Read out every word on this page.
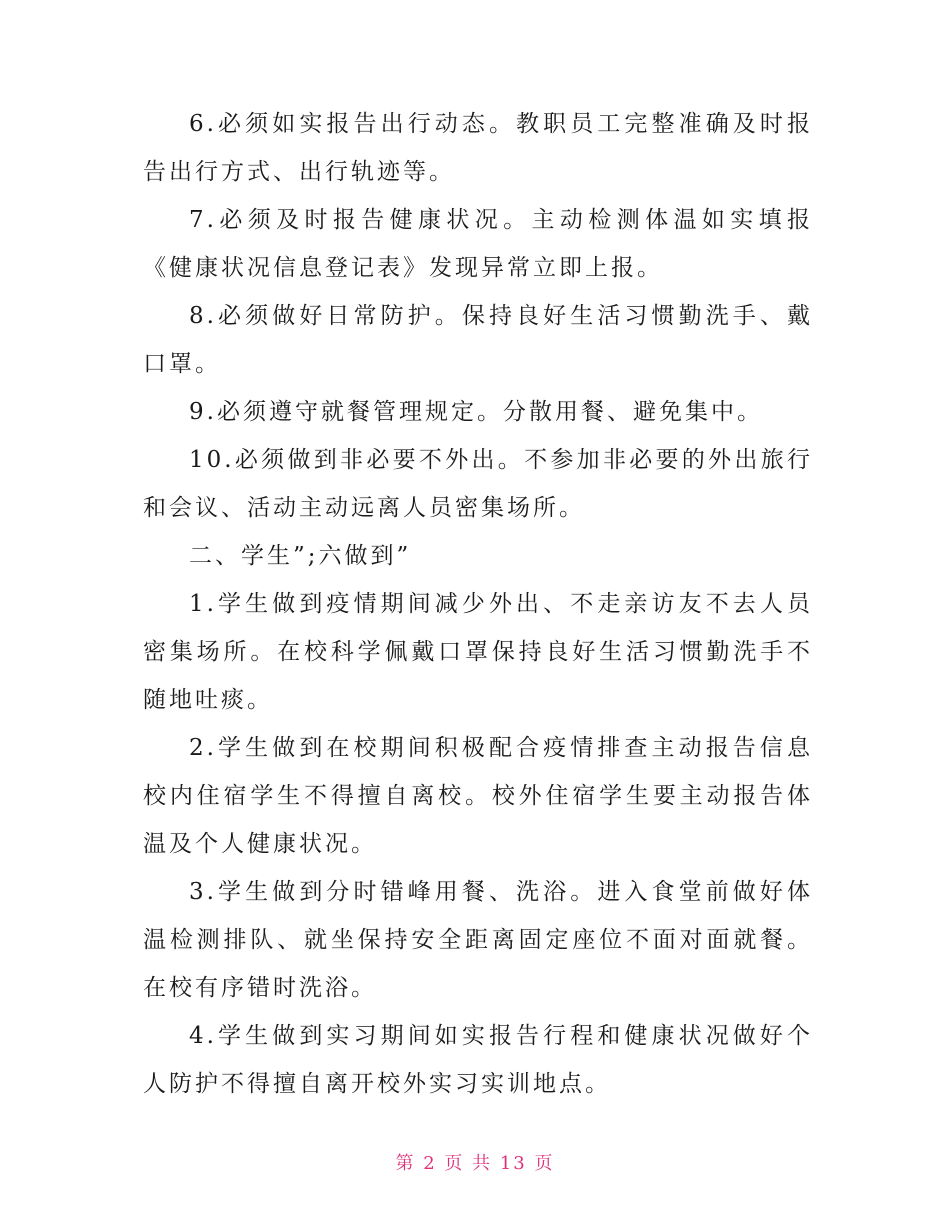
6.必须如实报告出行动态。教职员工完整准确及时报告出行方式、出行轨迹等。

7.必须及时报告健康状况。主动检测体温如实填报《健康状况信息登记表》发现异常立即上报。

8.必须做好日常防护。保持良好生活习惯勤洗手、戴口罩。

9.必须遵守就餐管理规定。分散用餐、避免集中。

10.必须做到非必要不外出。不参加非必要的外出旅行和会议、活动主动远离人员密集场所。

二、学生”;六做到”

1.学生做到疫情期间减少外出、不走亲访友不去人员密集场所。在校科学佩戴口罩保持良好生活习惯勤洗手不随地吐痰。

2.学生做到在校期间积极配合疫情排查主动报告信息校内住宿学生不得擅自离校。校外住宿学生要主动报告体温及个人健康状况。

3.学生做到分时错峰用餐、洗浴。进入食堂前做好体温检测排队、就坐保持安全距离固定座位不面对面就餐。在校有序错时洗浴。

4.学生做到实习期间如实报告行程和健康状况做好个人防护不得擅自离开校外实习实训地点。

第 2 页 共 13 页
